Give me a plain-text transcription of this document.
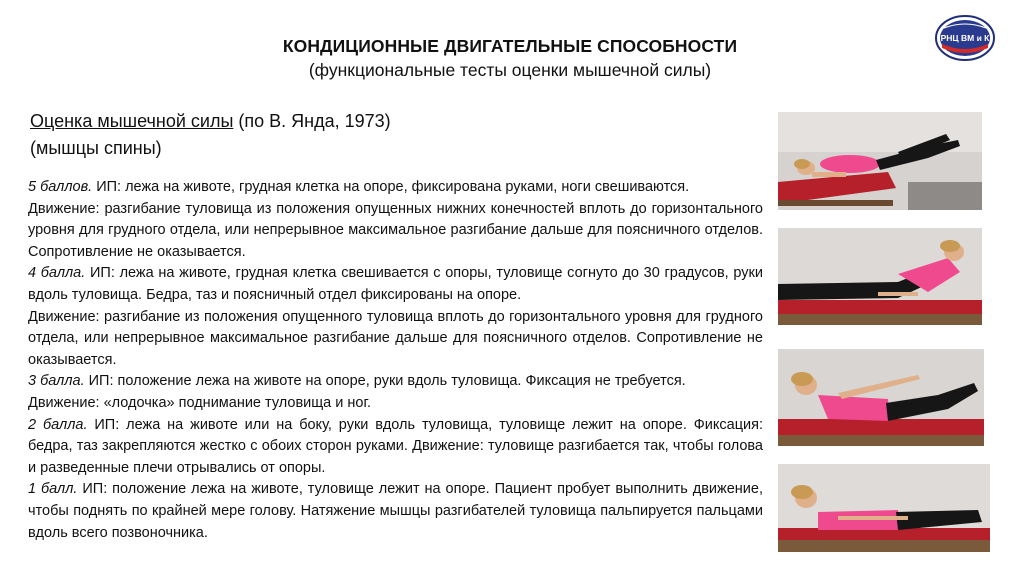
КОНДИЦИОННЫЕ ДВИГАТЕЛЬНЫЕ СПОСОБНОСТИ
(функциональные тесты оценки мышечной силы)
РНЦ ВМ и К
Оценка мышечной силы (по В. Янда, 1973)
(мышцы спины)

5 баллов. ИП: лежа на животе, грудная клетка на опоре, фиксирована руками, ноги свешиваются.

Движение: разгибание туловища из положения опущенных нижних конечностей вплоть до горизонтального уровня для грудного отдела, или непрерывное максимальное разгибание дальше для поясничного отделов. Сопротивление не оказывается.

4 балла. ИП: лежа на животе, грудная клетка свешивается с опоры, туловище согнуто до 30 градусов, руки вдоль туловища. Бедра, таз и поясничный отдел фиксированы на опоре.

Движение: разгибание из положения опущенного туловища вплоть до горизонтального уровня для грудного отдела, или непрерывное максимальное разгибание дальше для поясничного отделов. Сопротивление не оказывается.

3 балла. ИП: положение лежа на животе на опоре, руки вдоль туловища. Фиксация не требуется.

Движение: «лодочка» поднимание туловища и ног.

2 балла. ИП: лежа на животе или на боку, руки вдоль туловища, туловище лежит на опоре. Фиксация: бедра, таз закрепляются жестко с обоих сторон руками. Движение: туловище разгибается так, чтобы голова и разведенные плечи отрывались от опоры.

1 балл. ИП: положение лежа на животе, туловище лежит на опоре. Пациент пробует выполнить движение, чтобы поднять по крайней мере голову. Натяжение мышцы разгибателей туловища пальпируется пальцами вдоль всего позвоночника.
